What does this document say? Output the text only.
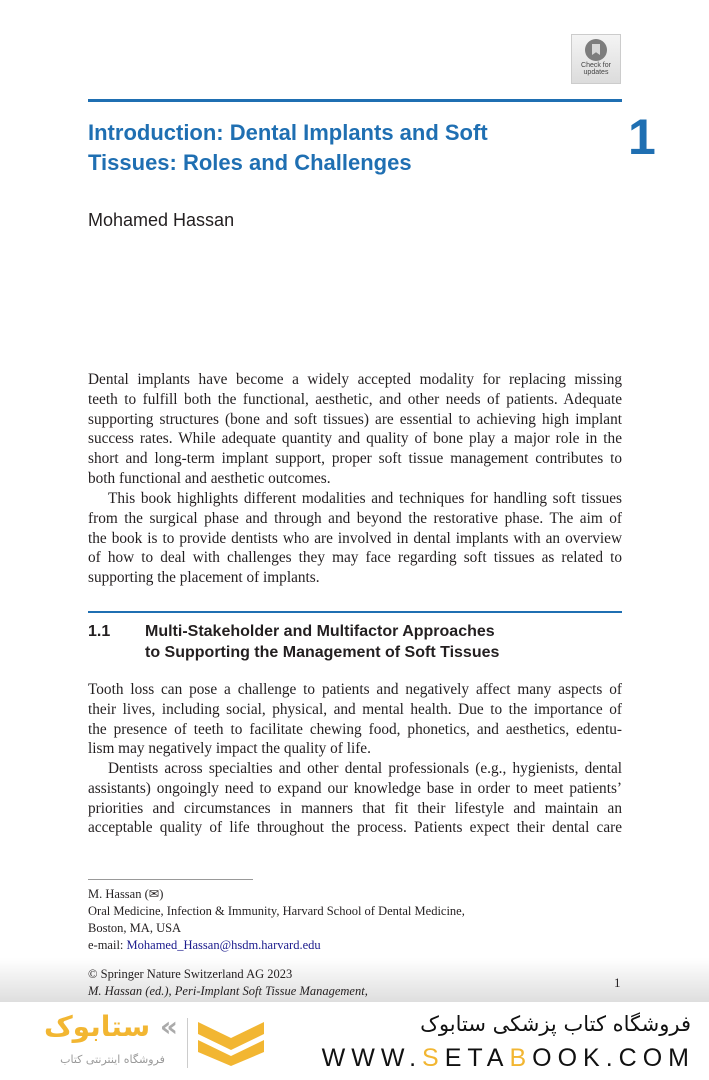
Check for
updates
Introduction: Dental Implants and Soft
Tissues: Roles and Challenges	1
Mohamed Hassan
Dental implants have become a widely accepted modality for replacing missing
teeth to fulfill both the functional, aesthetic, and other needs of patients. Adequate
supporting structures (bone and soft tissues) are essential to achieving high implant
success rates. While adequate quantity and quality of bone play a major role in the
short and long-term implant support, proper soft tissue management contributes to
both functional and aesthetic outcomes.
This book highlights different modalities and techniques for handling soft tissues
from the surgical phase and through and beyond the restorative phase. The aim of
the book is to provide dentists who are involved in dental implants with an overview
of how to deal with challenges they may face regarding soft tissues as related to
supporting the placement of implants.
1.1 Multi-Stakeholder and Multifactor Approaches
to Supporting the Management of Soft Tissues
Tooth loss can pose a challenge to patients and negatively affect many aspects of
their lives, including social, physical, and mental health. Due to the importance of
the presence of teeth to facilitate chewing food, phonetics, and aesthetics, edentu-
lism may negatively impact the quality of life.
Dentists across specialties and other dental professionals (e.g., hygienists, dental
assistants) ongoingly need to expand our knowledge base in order to meet patients’
priorities and circumstances in manners that fit their lifestyle and maintain an
acceptable quality of life throughout the process. Patients expect their dental care
M. Hassan (✉)
Oral Medicine, Infection & Immunity, Harvard School of Dental Medicine,
Boston, MA, USA
e-mail: Mohamed_Hassan@hsdm.harvard.edu
© Springer Nature Switzerland AG 2023
M. Hassan (ed.), Peri-Implant Soft Tissue Management,
1
ستابوک «
فروشگاه اینترنتی کتاب
فروشگاه کتاب پزشکی ستابوک
WWW.SETABOOK.COM
